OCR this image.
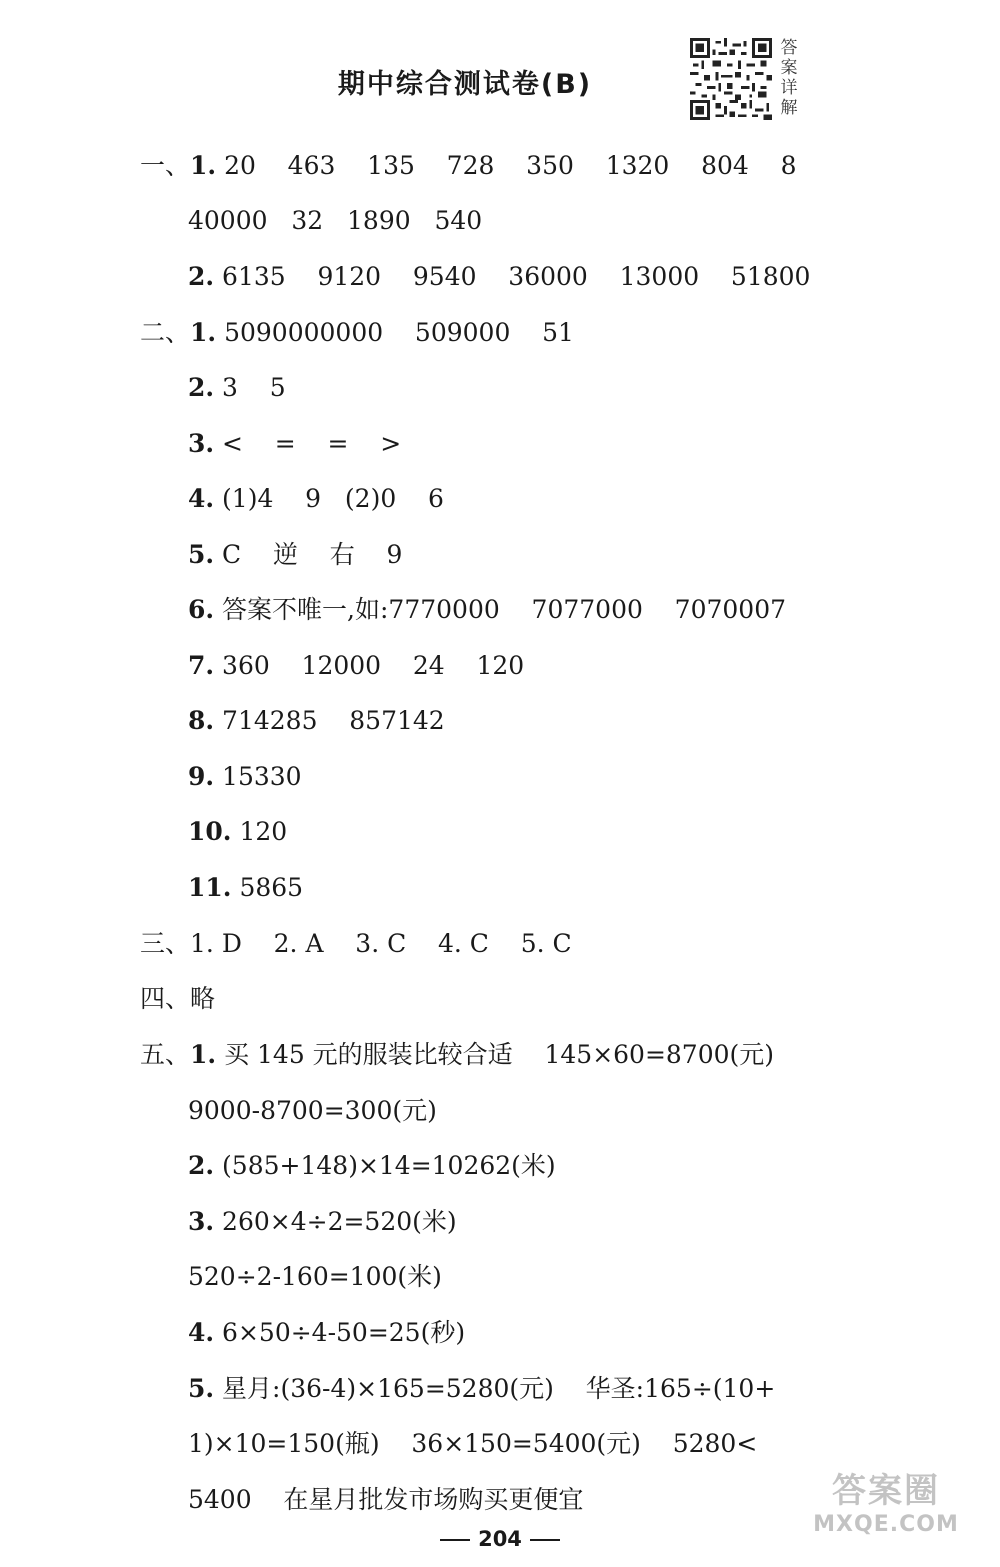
期中综合测试卷(B)
答案详解
一、1. 20    463    135    728    350    1320    804    8
40000   32   1890   540
2. 6135    9120    9540    36000    13000    51800
二、1. 5090000000    509000    51
2. 3    5
3. <    =    =    >
4. (1)4    9   (2)0    6
5. C    逆    右    9
6. 答案不唯一,如:7770000    7077000    7070007
7. 360    12000    24    120
8. 714285    857142
9. 15330
10. 120
11. 5865
三、1. D    2. A    3. C    4. C    5. C
四、略
五、1. 买 145 元的服装比较合适    145×60=8700(元)
9000-8700=300(元)
2. (585+148)×14=10262(米)
3. 260×4÷2=520(米)
520÷2-160=100(米)
4. 6×50÷4-50=25(秒)
5. 星月:(36-4)×165=5280(元)    华圣:165÷(10+
1)×10=150(瓶)    36×150=5400(元)    5280<
5400    在星月批发市场购买更便宜
204
答案圈
MXQE.COM
